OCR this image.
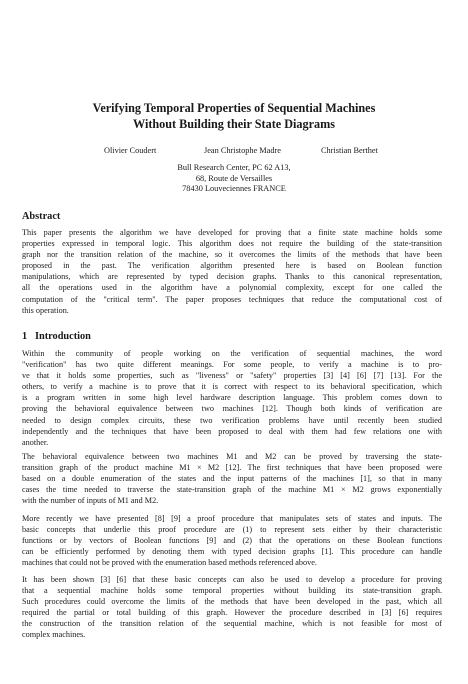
Verifying Temporal Properties of Sequential Machines
Without Building their State Diagrams
Olivier Coudert	Jean Christophe Madre	Christian Berthet
Bull Research Center, PC 62 A13,
68, Route de Versailles
78430 Louveciennes FRANCE
Abstract
This paper presents the algorithm we have developed for proving that a finite state machine holds some
properties expressed in temporal logic. This algorithm does not require the building of the state-transition
graph nor the transition relation of the machine, so it overcomes the limits of the methods that have been
proposed in the past. The verification algorithm presented here is based on Boolean function
manipulations, which are represented by typed decision graphs. Thanks to this canonical representation,
all the operations used in the algorithm have a polynomial complexity, except for one called the
computation of the "critical term". The paper proposes techniques that reduce the computational cost of
this operation.
1 Introduction
Within the community of people working on the verification of sequential machines, the word
"verification" has two quite different meanings. For some people, to verify a machine is to pro-
ve that it holds some properties, such as "liveness" or "safety" properties [3] [4] [6] [7] [13]. For the
others, to verify a machine is to prove that it is correct with respect to its behavioral specification, which
is a program written in some high level hardware description language. This problem comes down to
proving the behavioral equivalence between two machines [12]. Though both kinds of verification are
needed to design complex circuits, these two verification problems have until recently been studied
independently and the techniques that have been proposed to deal with them had few relations one with
another.
The behavioral equivalence between two machines M1 and M2 can be proved by traversing the state-
transition graph of the product machine M1 × M2 [12]. The first techniques that have been proposed were
based on a double enumeration of the states and the input patterns of the machines [1], so that in many
cases the time needed to traverse the state-transition graph of the machine M1 × M2 grows exponentially
with the number of inputs of M1 and M2.
More recently we have presented [8] [9] a proof procedure that manipulates sets of states and inputs. The
basic concepts that underlie this proof procedure are (1) to represent sets either by their characteristic
functions or by vectors of Boolean functions [9] and (2) that the operations on these Boolean functions
can be efficiently performed by denoting them with typed decision graphs [1]. This procedure can handle
machines that could not be proved with the enumeration based methods referenced above.
It has been shown [3] [6] that these basic concepts can also be used to develop a procedure for proving
that a sequential machine holds some temporal properties without building its state-transition graph.
Such procedures could overcome the limits of the methods that have been developed in the past, which all
required the partial or total building of this graph. However the procedure described in [3] [6] requires
the construction of the transition relation of the sequential machine, which is not feasible for most of
complex machines.
